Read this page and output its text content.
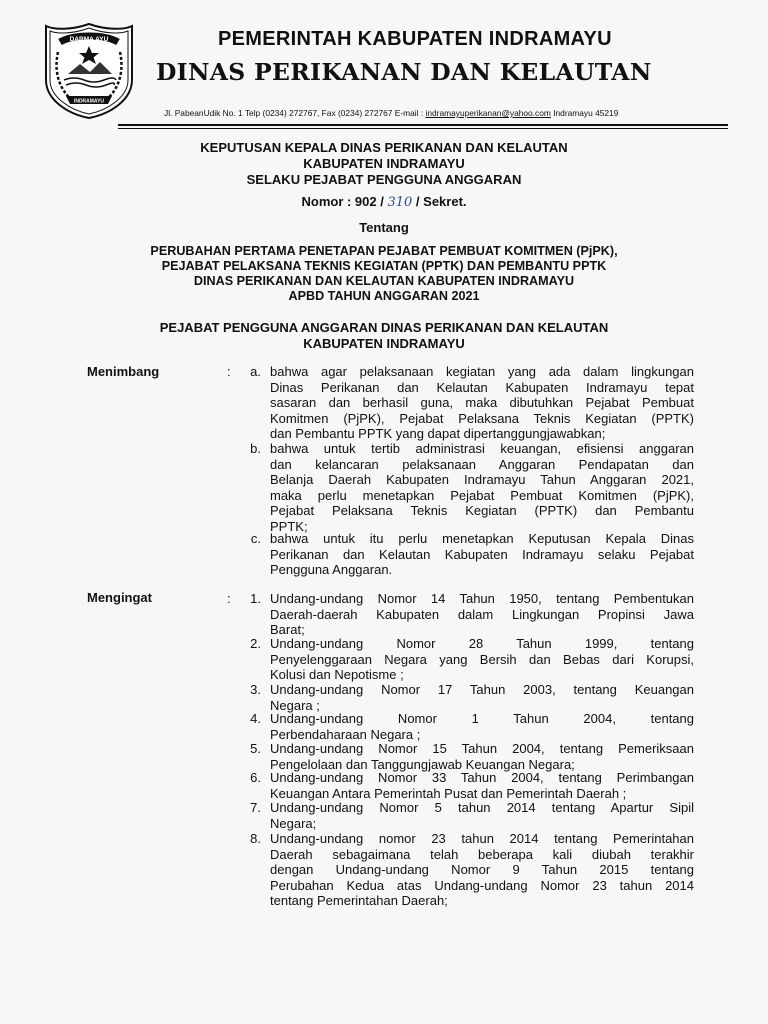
DARMA AYU
INDRAMAYU
PEMERINTAH KABUPATEN INDRAMAYU
DINAS PERIKANAN DAN KELAUTAN
Jl. PabeanUdik No. 1 Telp (0234) 272767, Fax (0234) 272767 E-mail : indramayuperikanan@yahoo.com Indramayu 45219
KEPUTUSAN KEPALA DINAS PERIKANAN DAN KELAUTAN
KABUPATEN INDRAMAYU
SELAKU PEJABAT PENGGUNA ANGGARAN
Nomor : 902 / 310 / Sekret.
Tentang
PERUBAHAN PERTAMA PENETAPAN PEJABAT PEMBUAT KOMITMEN (PjPK),
PEJABAT PELAKSANA TEKNIS KEGIATAN (PPTK) DAN PEMBANTU PPTK
DINAS PERIKANAN DAN KELAUTAN KABUPATEN INDRAMAYU
APBD TAHUN ANGGARAN 2021
PEJABAT PENGGUNA ANGGARAN DINAS PERIKANAN DAN KELAUTAN
KABUPATEN INDRAMAYU
Menimbang	:	a. bahwa agar pelaksanaan kegiatan yang ada dalam lingkungan
Dinas Perikanan dan Kelautan Kabupaten Indramayu tepat
sasaran dan berhasil guna, maka dibutuhkan Pejabat Pembuat
Komitmen (PjPK), Pejabat Pelaksana Teknis Kegiatan (PPTK)
dan Pembantu PPTK yang dapat dipertanggungjawabkan;
b. bahwa untuk tertib administrasi keuangan, efisiensi anggaran
dan kelancaran pelaksanaan Anggaran Pendapatan dan
Belanja Daerah Kabupaten Indramayu Tahun Anggaran 2021,
maka perlu menetapkan Pejabat Pembuat Komitmen (PjPK),
Pejabat Pelaksana Teknis Kegiatan (PPTK) dan Pembantu
PPTK;
c. bahwa untuk itu perlu menetapkan Keputusan Kepala Dinas
Perikanan dan Kelautan Kabupaten Indramayu selaku Pejabat
Pengguna Anggaran.
Mengingat	:	1. Undang-undang Nomor 14 Tahun 1950, tentang Pembentukan
Daerah-daerah Kabupaten dalam Lingkungan Propinsi Jawa
Barat;
2. Undang-undang Nomor 28 Tahun 1999, tentang
Penyelenggaraan Negara yang Bersih dan Bebas dari Korupsi,
Kolusi dan Nepotisme ;
3. Undang-undang Nomor 17 Tahun 2003, tentang Keuangan
Negara ;
4. Undang-undang Nomor 1 Tahun 2004, tentang
Perbendaharaan Negara ;
5. Undang-undang Nomor 15 Tahun 2004, tentang Pemeriksaan
Pengelolaan dan Tanggungjawab Keuangan Negara;
6. Undang-undang Nomor 33 Tahun 2004, tentang Perimbangan
Keuangan Antara Pemerintah Pusat dan Pemerintah Daerah ;
7. Undang-undang Nomor 5 tahun 2014 tentang Apartur Sipil
Negara;
8. Undang-undang nomor 23 tahun 2014 tentang Pemerintahan
Daerah sebagaimana telah beberapa kali diubah terakhir
dengan Undang-undang Nomor 9 Tahun 2015 tentang
Perubahan Kedua atas Undang-undang Nomor 23 tahun 2014
tentang Pemerintahan Daerah;
